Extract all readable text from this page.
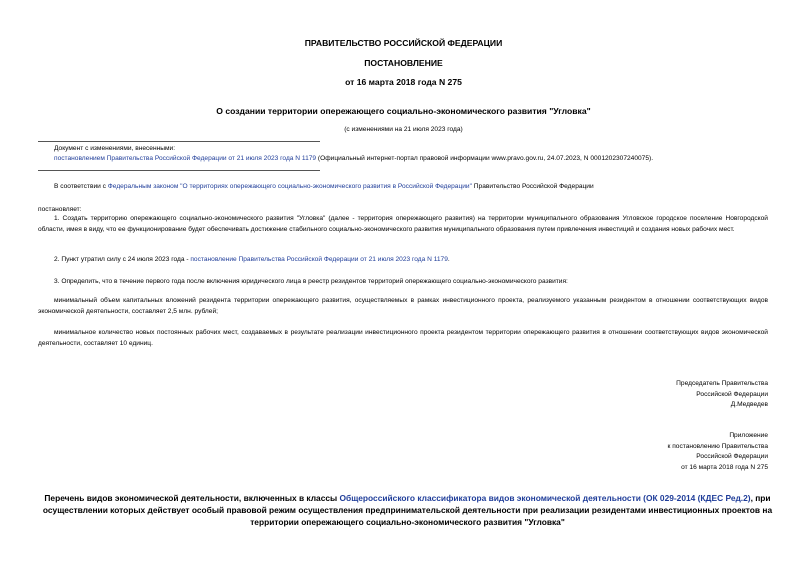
ПРАВИТЕЛЬСТВО РОССИЙСКОЙ ФЕДЕРАЦИИ
ПОСТАНОВЛЕНИЕ
от 16 марта 2018 года N 275
О создании территории опережающего социально-экономического развития "Угловка"
(с изменениями на 21 июля 2023 года)
Документ с изменениями, внесенными:
постановлением Правительства Российской Федерации от 21 июля 2023 года N 1179 (Официальный интернет-портал правовой информации www.pravo.gov.ru, 24.07.2023, N 0001202307240075).
В соответствии с Федеральным законом "О территориях опережающего социально-экономического развития в Российской Федерации" Правительство Российской Федерации
постановляет:
1. Создать территорию опережающего социально-экономического развития "Угловка" (далее - территория опережающего развития) на территории муниципального образования Угловское городское поселение Новгородской области, имея в виду, что ее функционирование будет обеспечивать достижение стабильного социально-экономического развития муниципального образования путем привлечения инвестиций и создания новых рабочих мест.
2. Пункт утратил силу с 24 июля 2023 года - постановление Правительства Российской Федерации от 21 июля 2023 года N 1179.
3. Определить, что в течение первого года после включения юридического лица в реестр резидентов территорий опережающего социально-экономического развития:
минимальный объем капитальных вложений резидента территории опережающего развития, осуществляемых в рамках инвестиционного проекта, реализуемого указанным резидентом в отношении соответствующих видов экономической деятельности, составляет 2,5 млн. рублей;
минимальное количество новых постоянных рабочих мест, создаваемых в результате реализации инвестиционного проекта резидентом территории опережающего развития в отношении соответствующих видов экономической деятельности, составляет 10 единиц.
Председатель Правительства
Российской Федерации
Д.Медведев
Приложение
к постановлению Правительства
Российской Федерации
от 16 марта 2018 года N 275
Перечень видов экономической деятельности, включенных в классы Общероссийского классификатора видов экономической деятельности (ОК 029-2014 (КДЕС Ред.2), при осуществлении которых действует особый правовой режим осуществления предпринимательской деятельности при реализации резидентами инвестиционных проектов на территории опережающего социально-экономического развития "Угловка"
